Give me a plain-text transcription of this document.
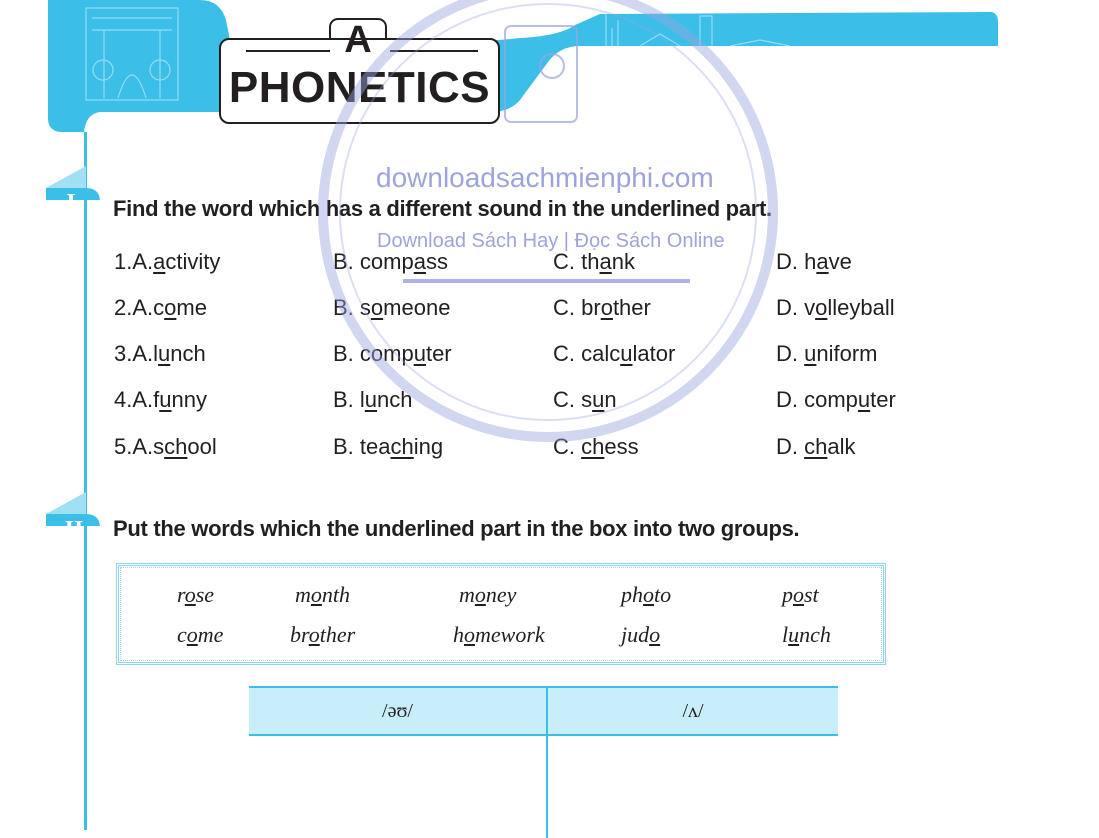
A
PHONETICS
I	Find the word which has a different sound in the underlined part.
1.A.activity	B. compass	C. thank	D. have
2.A.come	B. someone	C. brother	D. volleyball
3.A.lunch	B. computer	C. calculator	D. uniform
4.A.funny	B. lunch	C. sun	D. computer
5.A.school	B. teaching	C. chess	D. chalk
II	Put the words which the underlined part in the box into two groups.
rose	month	money	photo	post
come	brother	homework	judo	lunch
/əʊ/	/ʌ/

downloadsachmienphi.com
Download Sách Hay | Đọc Sách Online
